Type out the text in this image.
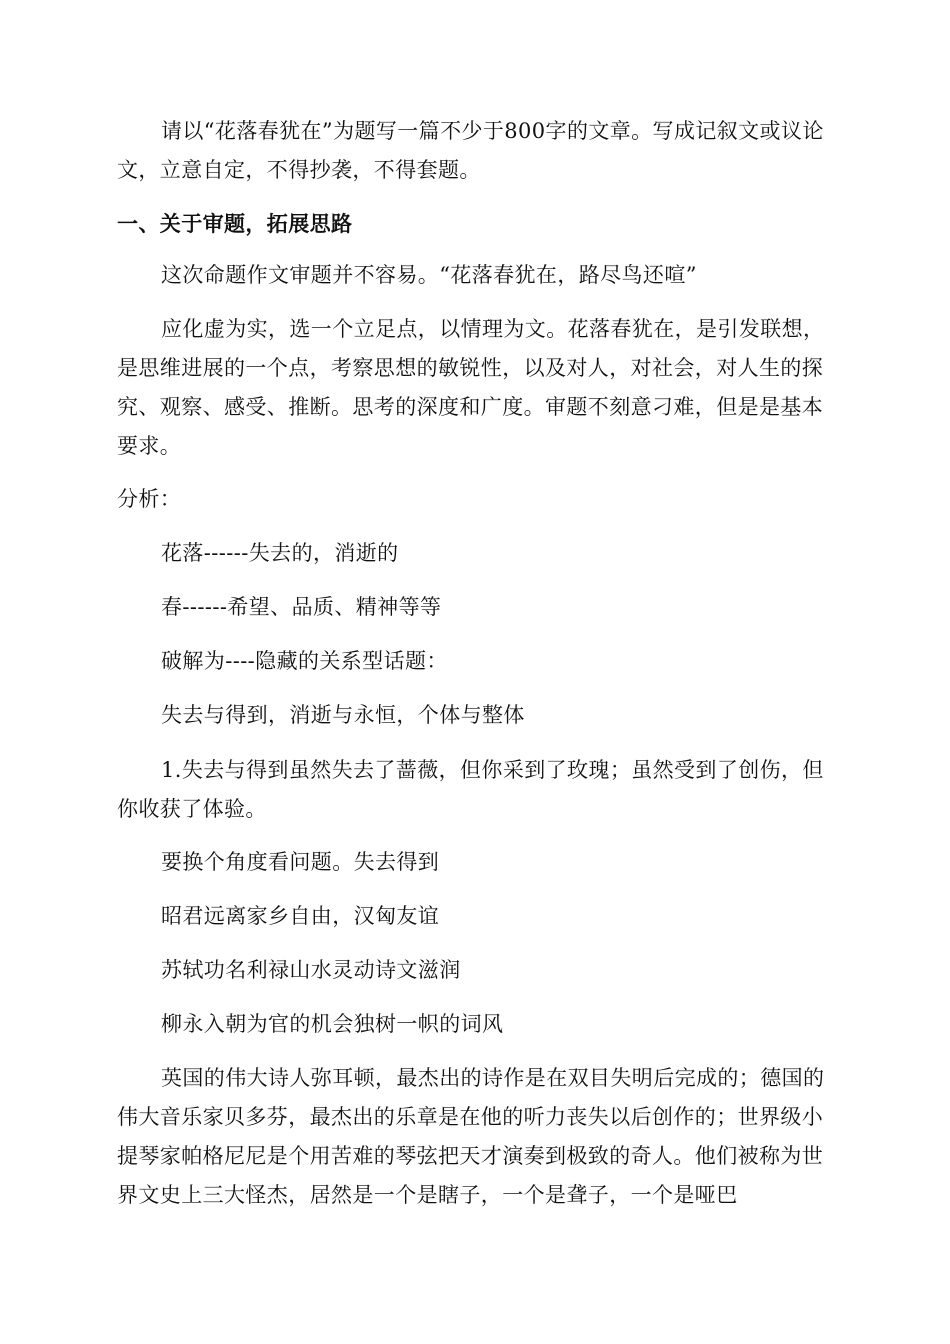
请以“花落春犹在”为题写一篇不少于800字的文章。写成记叙文或议论文，立意自定，不得抄袭，不得套题。

一、关于审题，拓展思路

这次命题作文审题并不容易。“花落春犹在，路尽鸟还喧”

应化虚为实，选一个立足点，以情理为文。花落春犹在，是引发联想，是思维进展的一个点，考察思想的敏锐性，以及对人，对社会，对人生的探究、观察、感受、推断。思考的深度和广度。审题不刻意刁难，但是是基本要求。

分析：

花落------失去的，消逝的

春------希望、品质、精神等等

破解为----隐藏的关系型话题：

失去与得到，消逝与永恒，个体与整体

1.失去与得到虽然失去了蔷薇，但你采到了玫瑰；虽然受到了创伤，但你收获了体验。

要换个角度看问题。失去得到

昭君远离家乡自由，汉匈友谊

苏轼功名利禄山水灵动诗文滋润

柳永入朝为官的机会独树一帜的词风

英国的伟大诗人弥耳顿，最杰出的诗作是在双目失明后完成的；德国的伟大音乐家贝多芬，最杰出的乐章是在他的听力丧失以后创作的；世界级小提琴家帕格尼尼是个用苦难的琴弦把天才演奏到极致的奇人。他们被称为世界文史上三大怪杰，居然是一个是瞎子，一个是聋子，一个是哑巴
